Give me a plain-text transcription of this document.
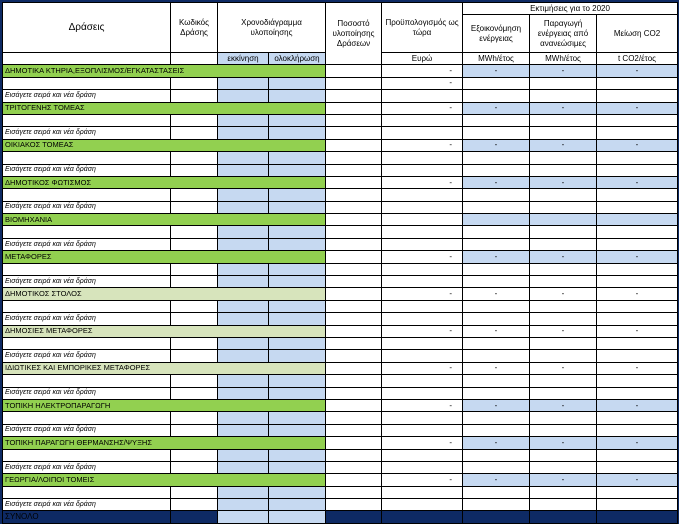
Δράσεις	Κωδικός Δράσης	Χρονοδιάγραμμα υλοποίησης		Ποσοστό υλοποίησης Δράσεων	Προϋπολογισμός ως τώρα	Εκτιμήσεις για το 2020		
						Εξοικονόμηση ενέργειας	Παραγωγή ενέργειας από ανανεώσιμες	Μείωση CO2
		εκκίνηση	ολοκλήρωση		Ευρώ	MWh/έτος	MWh/έτος	t CO2/έτος
ΔΗΜΟΤΙΚΑ ΚΤΗΡΙΑ,ΕΞΟΠΛΙΣΜΟΣ/ΕΓΚΑΤΑΣΤΑΣΕΙΣ					-	-	-	-
					-			
Εισάγετε σειρά και νέα δράση								
ΤΡΙΤΟΓΕΝΗΣ ΤΟΜΕΑΣ					-	-	-	-

Εισάγετε σειρά και νέα δράση								
ΟΙΚΙΑΚΟΣ ΤΟΜΕΑΣ					-	-	-	-

Εισάγετε σειρά και νέα δράση								
ΔΗΜΟΤΙΚΟΣ ΦΩΤΙΣΜΟΣ					-	-	-	-

Εισάγετε σειρά και νέα δράση								
ΒΙΟΜΗΧΑΝΙΑ								

Εισάγετε σειρά και νέα δράση								
ΜΕΤΑΦΟΡΕΣ					-	-	-	-

Εισάγετε σειρά και νέα δράση								
ΔΗΜΟΤΙΚΟΣ ΣΤΟΛΟΣ					-	-	-	-

Εισάγετε σειρά και νέα δράση								
ΔΗΜΟΣΙΕΣ ΜΕΤΑΦΟΡΕΣ					-	-	-	-

Εισάγετε σειρά και νέα δράση								
ΙΔΙΩΤΙΚΕΣ ΚΑΙ ΕΜΠΟΡΙΚΕΣ ΜΕΤΑΦΟΡΕΣ					-	-	-	-

Εισάγετε σειρά και νέα δράση								
ΤΟΠΙΚΗ ΗΛΕΚΤΡΟΠΑΡΑΓΩΓΗ					-	-	-	-

Εισάγετε σειρά και νέα δράση								
ΤΟΠΙΚΗ ΠΑΡΑΓΩΓΗ ΘΕΡΜΑΝΣΗΣ/ΨΥΞΗΣ					-	-	-	-

Εισάγετε σειρά και νέα δράση								
ΓΕΩΡΓΙΑ/ΛΟΙΠΟΙ ΤΟΜΕΙΣ					-	-	-	-

Εισάγετε σειρά και νέα δράση								
ΣΥΝΟΛΟ								
